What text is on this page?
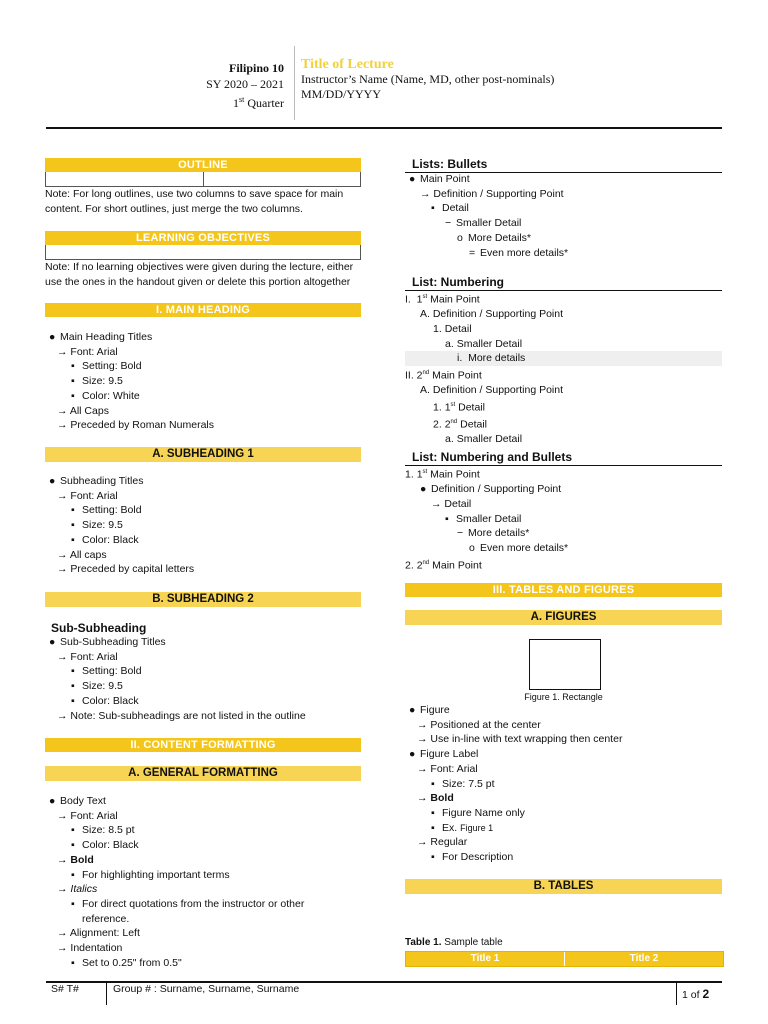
Filipino 10
SY 2020 – 2021
1st Quarter
Title of Lecture
Instructor’s Name (Name, MD, other post-nominals)
MM/DD/YYYY
OUTLINE
Note: For long outlines, use two columns to save space for main content. For short outlines, just merge the two columns.
LEARNING OBJECTIVES
Note: If no learning objectives were given during the lecture, either use the ones in the handout given or delete this portion altogether
I. MAIN HEADING
● Main Heading Titles
→ Font: Arial
▪ Setting: Bold
▪ Size: 9.5
▪ Color: White
→ All Caps
→ Preceded by Roman Numerals
A. SUBHEADING 1
● Subheading Titles
→ Font: Arial
▪ Setting: Bold
▪ Size: 9.5
▪ Color: Black
→ All caps
→ Preceded by capital letters
B. SUBHEADING 2
Sub-Subheading
● Sub-Subheading Titles
→ Font: Arial
▪ Setting: Bold
▪ Size: 9.5
▪ Color: Black
→ Note: Sub-subheadings are not listed in the outline
II. CONTENT FORMATTING
A. GENERAL FORMATTING
● Body Text
→ Font: Arial
▪ Size: 8.5 pt
▪ Color: Black
→ Bold
▪ For highlighting important terms
→ Italics
▪ For direct quotations from the instructor or other
reference.
→ Alignment: Left
→ Indentation
▪ Set to 0.25" from 0.5"
Lists: Bullets
● Main Point
→ Definition / Supporting Point
▪ Detail
− Smaller Detail
o More Details*
= Even more details*
List: Numbering
I.  1st Main Point
A. Definition / Supporting Point
1. Detail
a. Smaller Detail
i.  More details
II. 2nd Main Point
A. Definition / Supporting Point
1. 1st Detail
2. 2nd Detail
a. Smaller Detail
List: Numbering and Bullets
1. 1st Main Point
● Definition / Supporting Point
→ Detail
▪ Smaller Detail
− More details*
o Even more details*
2. 2nd Main Point
III. TABLES AND FIGURES
A. FIGURES
Figure 1. Rectangle
● Figure
→ Positioned at the center
→ Use in-line with text wrapping then center
● Figure Label
→ Font: Arial
▪ Size: 7.5 pt
→ Bold
▪ Figure Name only
▪ Ex. Figure 1
→ Regular
▪ For Description
B. TABLES
Table 1. Sample table
Title 1	Title 2
S# T#	Group # : Surname, Surname, Surname	1 of 2
